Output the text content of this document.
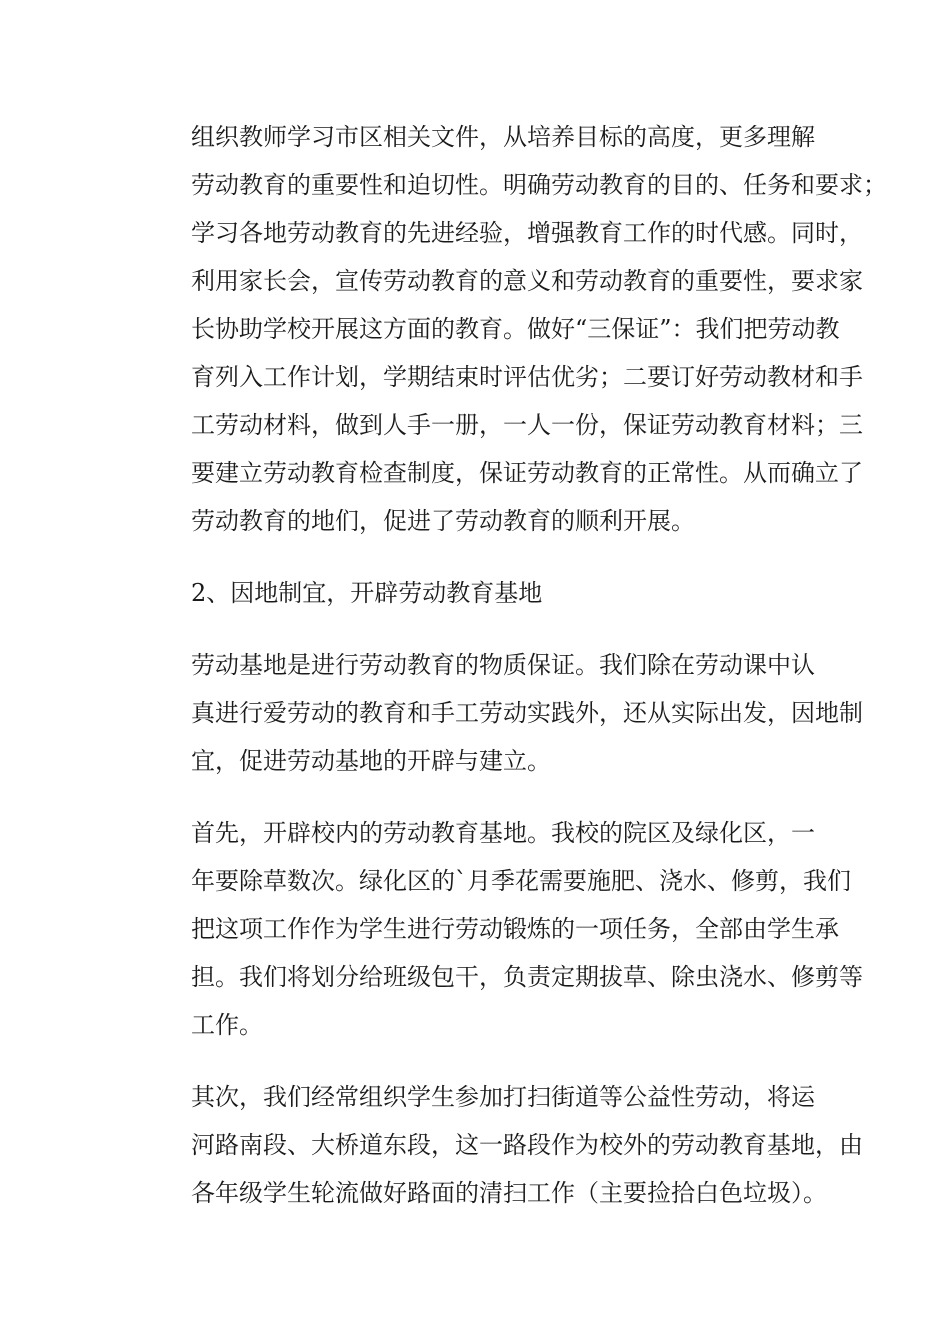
组织教师学习市区相关文件，从培养目标的高度，更多理解
劳动教育的重要性和迫切性。明确劳动教育的目的、任务和要求；
学习各地劳动教育的先进经验，增强教育工作的时代感。同时，
利用家长会，宣传劳动教育的意义和劳动教育的重要性，要求家
长协助学校开展这方面的教育。做好“三保证”：我们把劳动教
育列入工作计划，学期结束时评估优劣；二要订好劳动教材和手
工劳动材料，做到人手一册，一人一份，保证劳动教育材料；三
要建立劳动教育检查制度，保证劳动教育的正常性。从而确立了
劳动教育的地们，促进了劳动教育的顺利开展。

2、因地制宜，开辟劳动教育基地

劳动基地是进行劳动教育的物质保证。我们除在劳动课中认
真进行爱劳动的教育和手工劳动实践外，还从实际出发，因地制
宜，促进劳动基地的开辟与建立。

首先，开辟校内的劳动教育基地。我校的院区及绿化区，一
年要除草数次。绿化区的`月季花需要施肥、浇水、修剪，我们
把这项工作作为学生进行劳动锻炼的一项任务，全部由学生承
担。我们将划分给班级包干，负责定期拔草、除虫浇水、修剪等
工作。

其次，我们经常组织学生参加打扫街道等公益性劳动，将运
河路南段、大桥道东段，这一路段作为校外的劳动教育基地，由
各年级学生轮流做好路面的清扫工作（主要捡拾白色垃圾）。
